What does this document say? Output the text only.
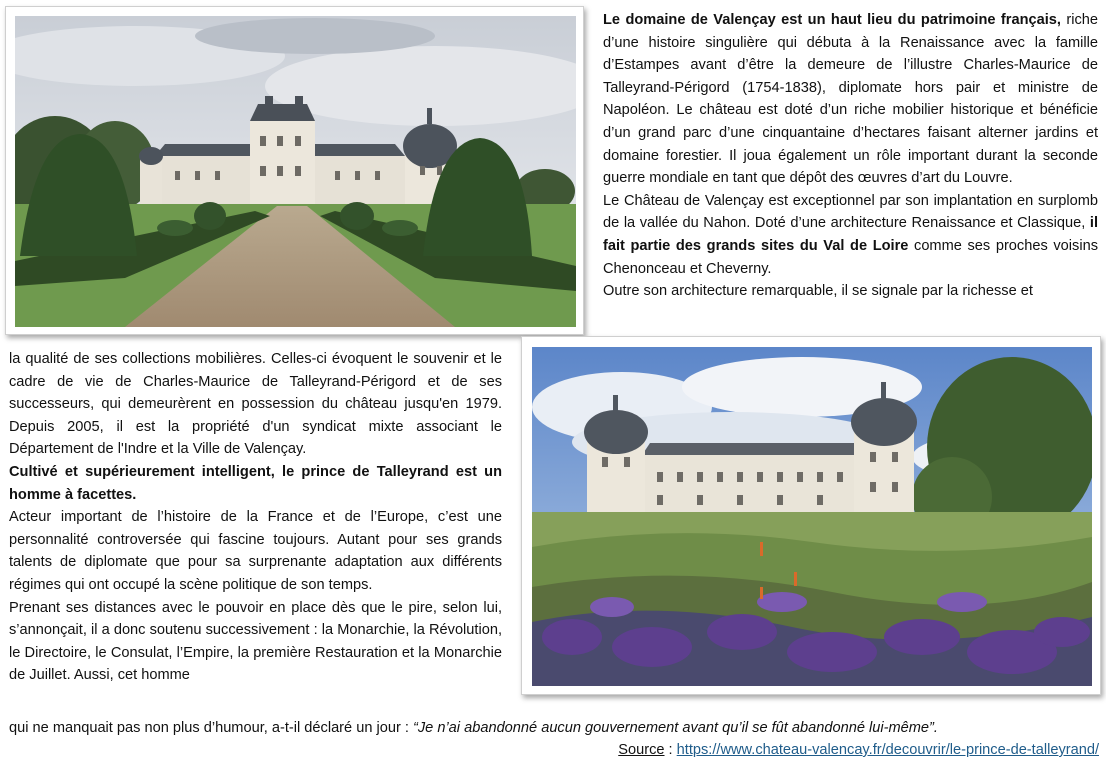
Le domaine de Valençay est un haut lieu du patrimoine français, riche d’une histoire singulière qui débuta à la Renaissance avec la famille d’Estampes avant d’être la demeure de l’illustre Charles-Maurice de Talleyrand-Périgord (1754-1838), diplomate hors pair et ministre de Napoléon. Le château est doté d’un riche mobilier historique et bénéficie d’un grand parc d’une cinquantaine d’hectares faisant alterner jardins et domaine forestier. Il joua également un rôle important durant la seconde guerre mondiale en tant que dépôt des œuvres d’art du Louvre.

Le Château de Valençay est exceptionnel par son implantation en surplomb de la vallée du Nahon. Doté d’une architecture Renaissance et Classique, il fait partie des grands sites du Val de Loire comme ses proches voisins Chenonceau et Cheverny.

Outre son architecture remarquable, il se signale par la richesse et

la qualité de ses collections mobilières. Celles-ci évoquent le souvenir et le cadre de vie de Charles-Maurice de Talleyrand-Périgord et de ses successeurs, qui demeurèrent en possession du château jusqu'en 1979. Depuis 2005, il est la propriété d'un syndicat mixte associant le Département de l'Indre et la Ville de Valençay.

Cultivé et supérieurement intelligent, le prince de Talleyrand est un homme à facettes.

Acteur important de l’histoire de la France et de l’Europe, c’est une personnalité controversée qui fascine toujours. Autant pour ses grands talents de diplomate que pour sa surprenante adaptation aux différents régimes qui ont occupé la scène politique de son temps.

Prenant ses distances avec le pouvoir en place dès que le pire, selon lui, s’annonçait, il a donc soutenu successivement : la Monarchie, la Révolution, le Directoire, le Consulat, l’Empire, la première Restauration et la Monarchie de Juillet. Aussi, cet homme

qui ne manquait pas non plus d’humour, a-t-il déclaré un jour : “Je n’ai abandonné aucun gouvernement avant qu’il se fût abandonné lui-même”.
Source : https://www.chateau-valencay.fr/decouvrir/le-prince-de-talleyrand/
